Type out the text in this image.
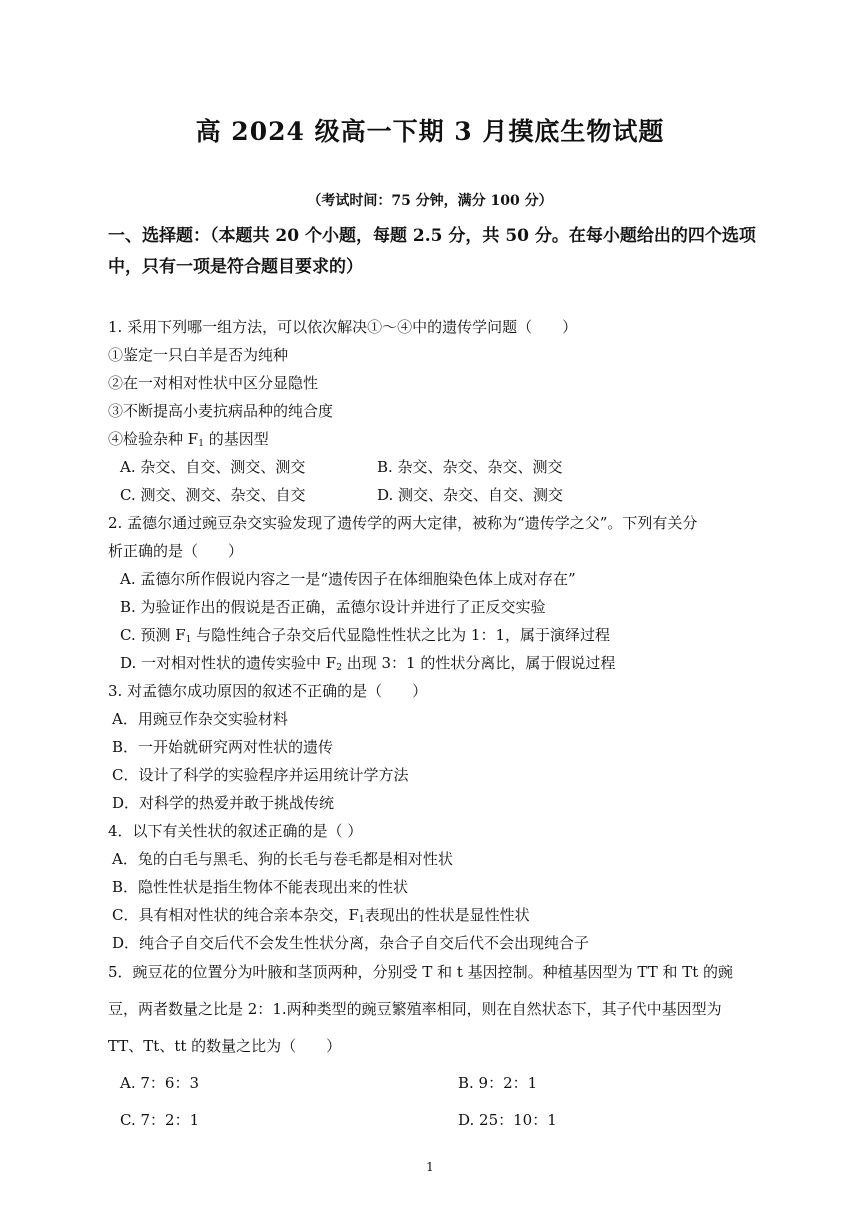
高 2024 级高一下期 3 月摸底生物试题
（考试时间：75 分钟，满分 100 分）
一、选择题：（本题共 20 个小题，每题 2.5 分，共 50 分。在每小题给出的四个选项
中，只有一项是符合题目要求的）
1. 采用下列哪一组方法，可以依次解决①～④中的遗传学问题（　　）
①鉴定一只白羊是否为纯种
②在一对相对性状中区分显隐性
③不断提高小麦抗病品种的纯合度
④检验杂种 $F_1$ 的基因型
A. 杂交、自交、测交、测交	B. 杂交、杂交、杂交、测交
C. 测交、测交、杂交、自交	D. 测交、杂交、自交、测交
2. 孟德尔通过豌豆杂交实验发现了遗传学的两大定律，被称为“遗传学之父”。下列有关分
析正确的是（　　）
A. 孟德尔所作假说内容之一是“遗传因子在体细胞染色体上成对存在”
B. 为验证作出的假说是否正确，孟德尔设计并进行了正反交实验
C. 预测 $F_1$ 与隐性纯合子杂交后代显隐性性状之比为 1：1，属于演绎过程
D. 一对相对性状的遗传实验中 $F_2$ 出现 3：1 的性状分离比，属于假说过程
3. 对孟德尔成功原因的叙述不正确的是（　　）
A．用豌豆作杂交实验材料
B．一开始就研究两对性状的遗传
C．设计了科学的实验程序并运用统计学方法
D．对科学的热爱并敢于挑战传统
4．以下有关性状的叙述正确的是（ ）
A．兔的白毛与黑毛、狗的长毛与卷毛都是相对性状
B．隐性性状是指生物体不能表现出来的性状
C．具有相对性状的纯合亲本杂交，$F_1$表现出的性状是显性性状
D．纯合子自交后代不会发生性状分离，杂合子自交后代不会出现纯合子
5．豌豆花的位置分为叶腋和茎顶两种，分别受 T 和 t 基因控制。种植基因型为 TT 和 Tt 的豌
豆，两者数量之比是 2：1.两种类型的豌豆繁殖率相同，则在自然状态下，其子代中基因型为
TT、Tt、tt 的数量之比为（　　）
A. 7：6：3	B. 9：2：1
C. 7：2：1	D. 25：10：1
1
